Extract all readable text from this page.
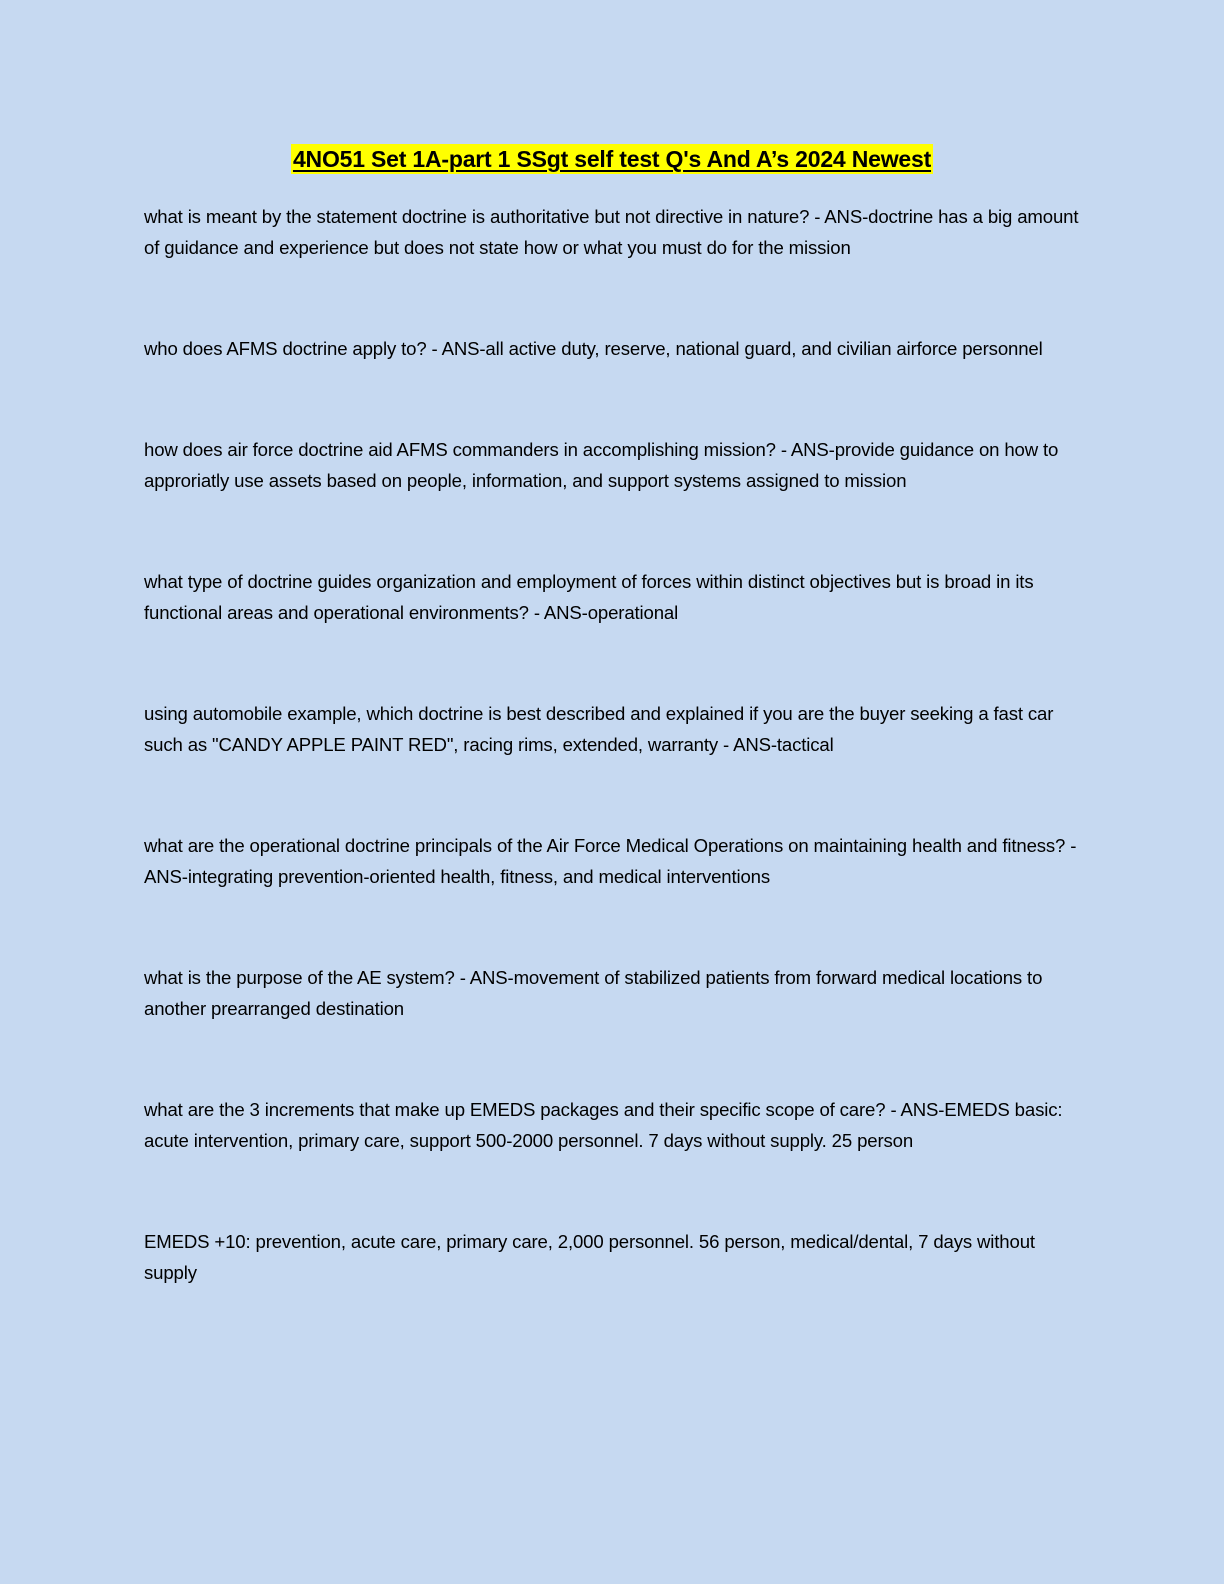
4NO51 Set 1A-part 1 SSgt self test Q's And A’s 2024 Newest

what is meant by the statement doctrine is authoritative but not directive in nature? - ANS-doctrine has a big amount of guidance and experience but does not state how or what you must do for the mission

who does AFMS doctrine apply to? - ANS-all active duty, reserve, national guard, and civilian airforce personnel

how does air force doctrine aid AFMS commanders in accomplishing mission? - ANS-provide guidance on how to approriatly use assets based on people, information, and support systems assigned to mission

what type of doctrine guides organization and employment of forces within distinct objectives but is broad in its functional areas and operational environments? - ANS-operational

using automobile example, which doctrine is best described and explained if you are the buyer seeking a fast car such as "CANDY APPLE PAINT RED", racing rims, extended, warranty - ANS-tactical

what are the operational doctrine principals of the Air Force Medical Operations on maintaining health and fitness? - ANS-integrating prevention-oriented health, fitness, and medical interventions

what is the purpose of the AE system? - ANS-movement of stabilized patients from forward medical locations to another prearranged destination

what are the 3 increments that make up EMEDS packages and their specific scope of care? - ANS-EMEDS basic: acute intervention, primary care, support 500-2000 personnel. 7 days without supply. 25 person

EMEDS +10: prevention, acute care, primary care, 2,000 personnel. 56 person, medical/dental, 7 days without supply
